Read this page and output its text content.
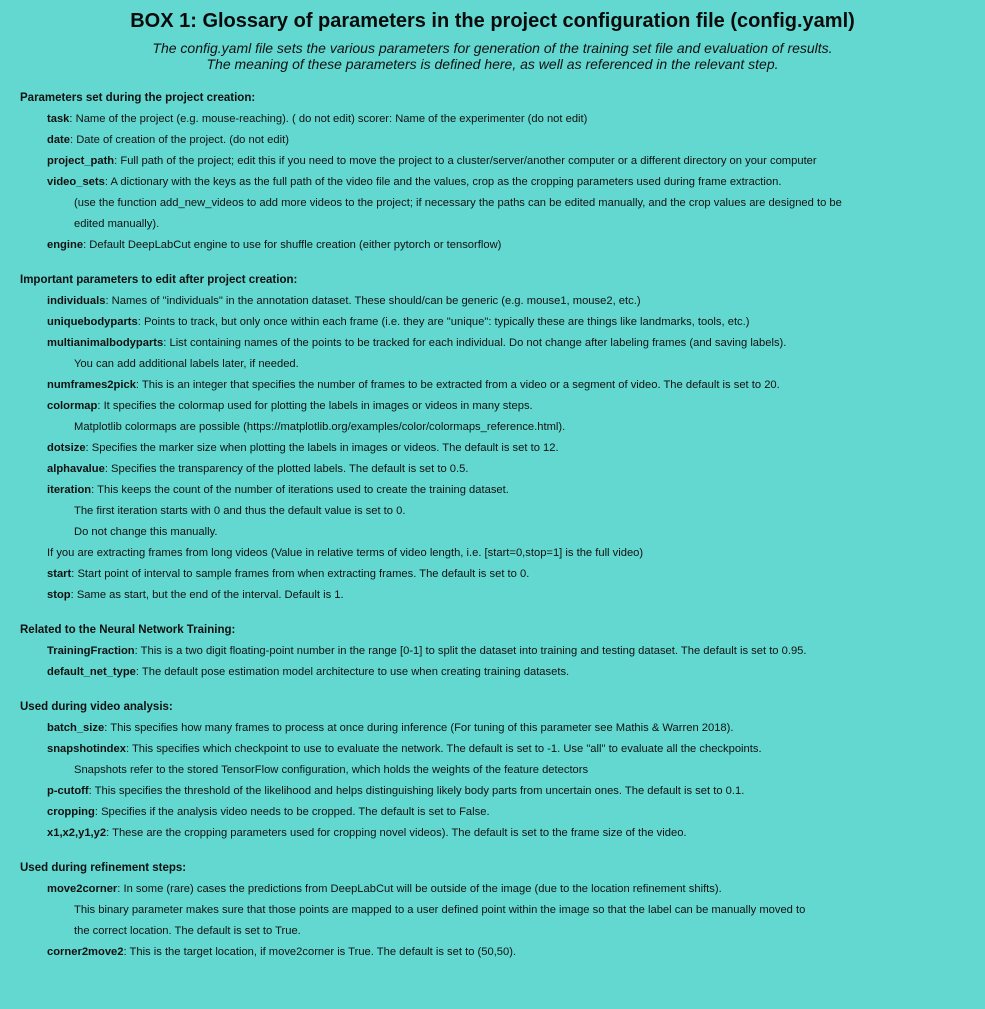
BOX 1: Glossary of parameters in the project configuration file (config.yaml)
The config.yaml file sets the various parameters for generation of the training set file and evaluation of results.
The meaning of these parameters is defined here, as well as referenced in the relevant step.
Parameters set during the project creation:
task: Name of the project (e.g. mouse-reaching). ( do not edit) scorer: Name of the experimenter (do not edit)
date: Date of creation of the project. (do not edit)
project_path: Full path of the project; edit this if you need to move the project to a cluster/server/another computer or a different directory on your computer
video_sets: A dictionary with the keys as the full path of the video file and the values, crop as the cropping parameters used during frame extraction.
(use the function add_new_videos to add more videos to the project; if necessary the paths can be edited manually, and the crop values are designed to be
edited manually).
engine: Default DeepLabCut engine to use for shuffle creation (either pytorch or tensorflow)
Important parameters to edit after project creation:
individuals: Names of "individuals" in the annotation dataset. These should/can be generic (e.g. mouse1, mouse2, etc.)
uniquebodyparts: Points to track, but only once within each frame (i.e. they are "unique": typically these are things like landmarks, tools, etc.)
multianimalbodyparts: List containing names of the points to be tracked for each individual. Do not change after labeling frames (and saving labels).
You can add additional labels later, if needed.
numframes2pick: This is an integer that specifies the number of frames to be extracted from a video or a segment of video. The default is set to 20.
colormap: It specifies the colormap used for plotting the labels in images or videos in many steps.
Matplotlib colormaps are possible (https://matplotlib.org/examples/color/colormaps_reference.html).
dotsize: Specifies the marker size when plotting the labels in images or videos. The default is set to 12.
alphavalue: Specifies the transparency of the plotted labels. The default is set to 0.5.
iteration: This keeps the count of the number of iterations used to create the training dataset.
The first iteration starts with 0 and thus the default value is set to 0.
Do not change this manually.
If you are extracting frames from long videos (Value in relative terms of video length, i.e. [start=0,stop=1] is the full video)
start: Start point of interval to sample frames from when extracting frames. The default is set to 0.
stop: Same as start, but the end of the interval. Default is 1.
Related to the Neural Network Training:
TrainingFraction: This is a two digit floating-point number in the range [0-1] to split the dataset into training and testing dataset. The default is set to 0.95.
default_net_type: The default pose estimation model architecture to use when creating training datasets.
Used during video analysis:
batch_size: This specifies how many frames to process at once during inference (For tuning of this parameter see Mathis & Warren 2018).
snapshotindex: This specifies which checkpoint to use to evaluate the network. The default is set to -1. Use "all" to evaluate all the checkpoints.
Snapshots refer to the stored TensorFlow configuration, which holds the weights of the feature detectors
p-cutoff: This specifies the threshold of the likelihood and helps distinguishing likely body parts from uncertain ones. The default is set to 0.1.
cropping: Specifies if the analysis video needs to be cropped. The default is set to False.
x1,x2,y1,y2: These are the cropping parameters used for cropping novel videos). The default is set to the frame size of the video.
Used during refinement steps:
move2corner: In some (rare) cases the predictions from DeepLabCut will be outside of the image (due to the location refinement shifts).
This binary parameter makes sure that those points are mapped to a user defined point within the image so that the label can be manually moved to
the correct location. The default is set to True.
corner2move2: This is the target location, if move2corner is True. The default is set to (50,50).
